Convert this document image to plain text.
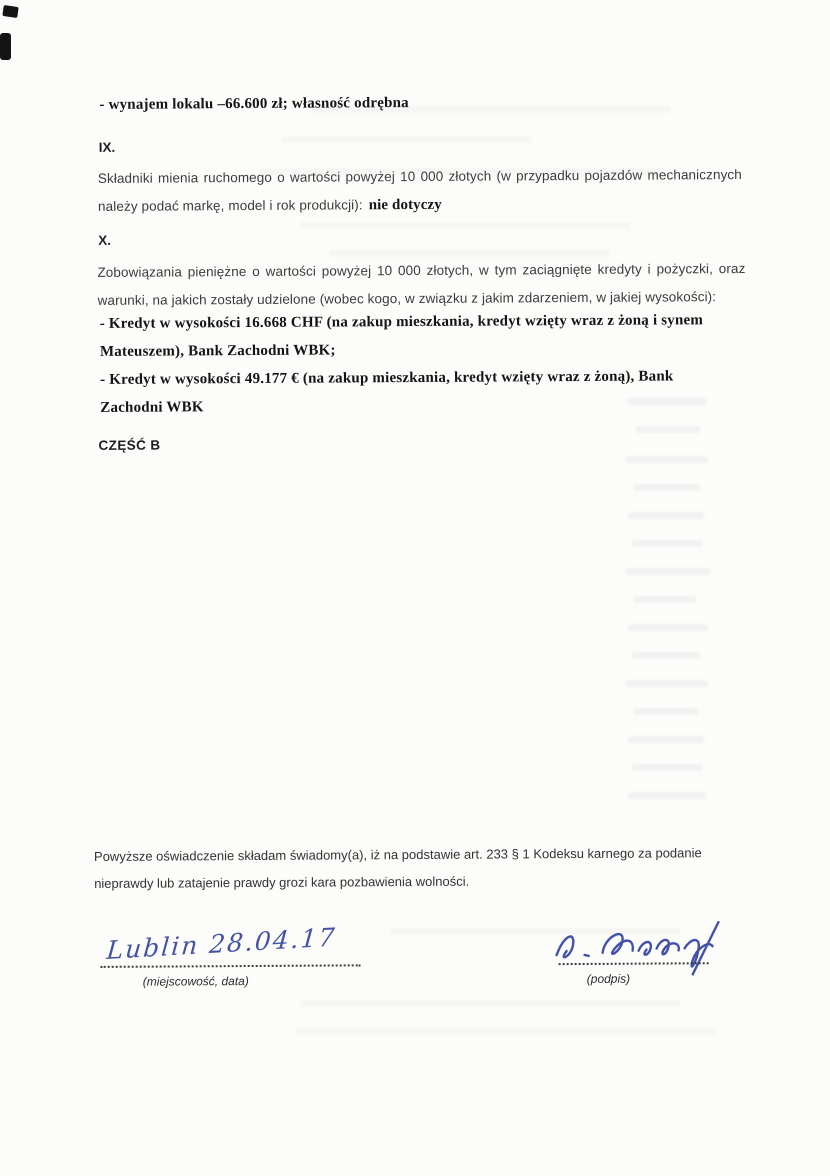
- wynajem lokalu –66.600 zł; własność odrębna

IX.

Składniki mienia ruchomego o wartości powyżej 10 000 złotych (w przypadku pojazdów mechanicznych należy podać markę, model i rok produkcji): nie dotyczy

X.

Zobowiązania pieniężne o wartości powyżej 10 000 złotych, w tym zaciągnięte kredyty i pożyczki, oraz warunki, na jakich zostały udzielone (wobec kogo, w związku z jakim zdarzeniem, w jakiej wysokości):

- Kredyt w wysokości 16.668 CHF (na zakup mieszkania, kredyt wzięty wraz z żoną i synem Mateuszem), Bank Zachodni WBK;

- Kredyt w wysokości 49.177 € (na zakup mieszkania, kredyt wzięty wraz z żoną), Bank Zachodni WBK

CZĘŚĆ B

Powyższe oświadczenie składam świadomy(a), iż na podstawie art. 233 § 1 Kodeksu karnego za podanie nieprawdy lub zatajenie prawdy grozi kara pozbawienia wolności.

Lublin 28.04.17

(miejscowość, data)	(podpis)
